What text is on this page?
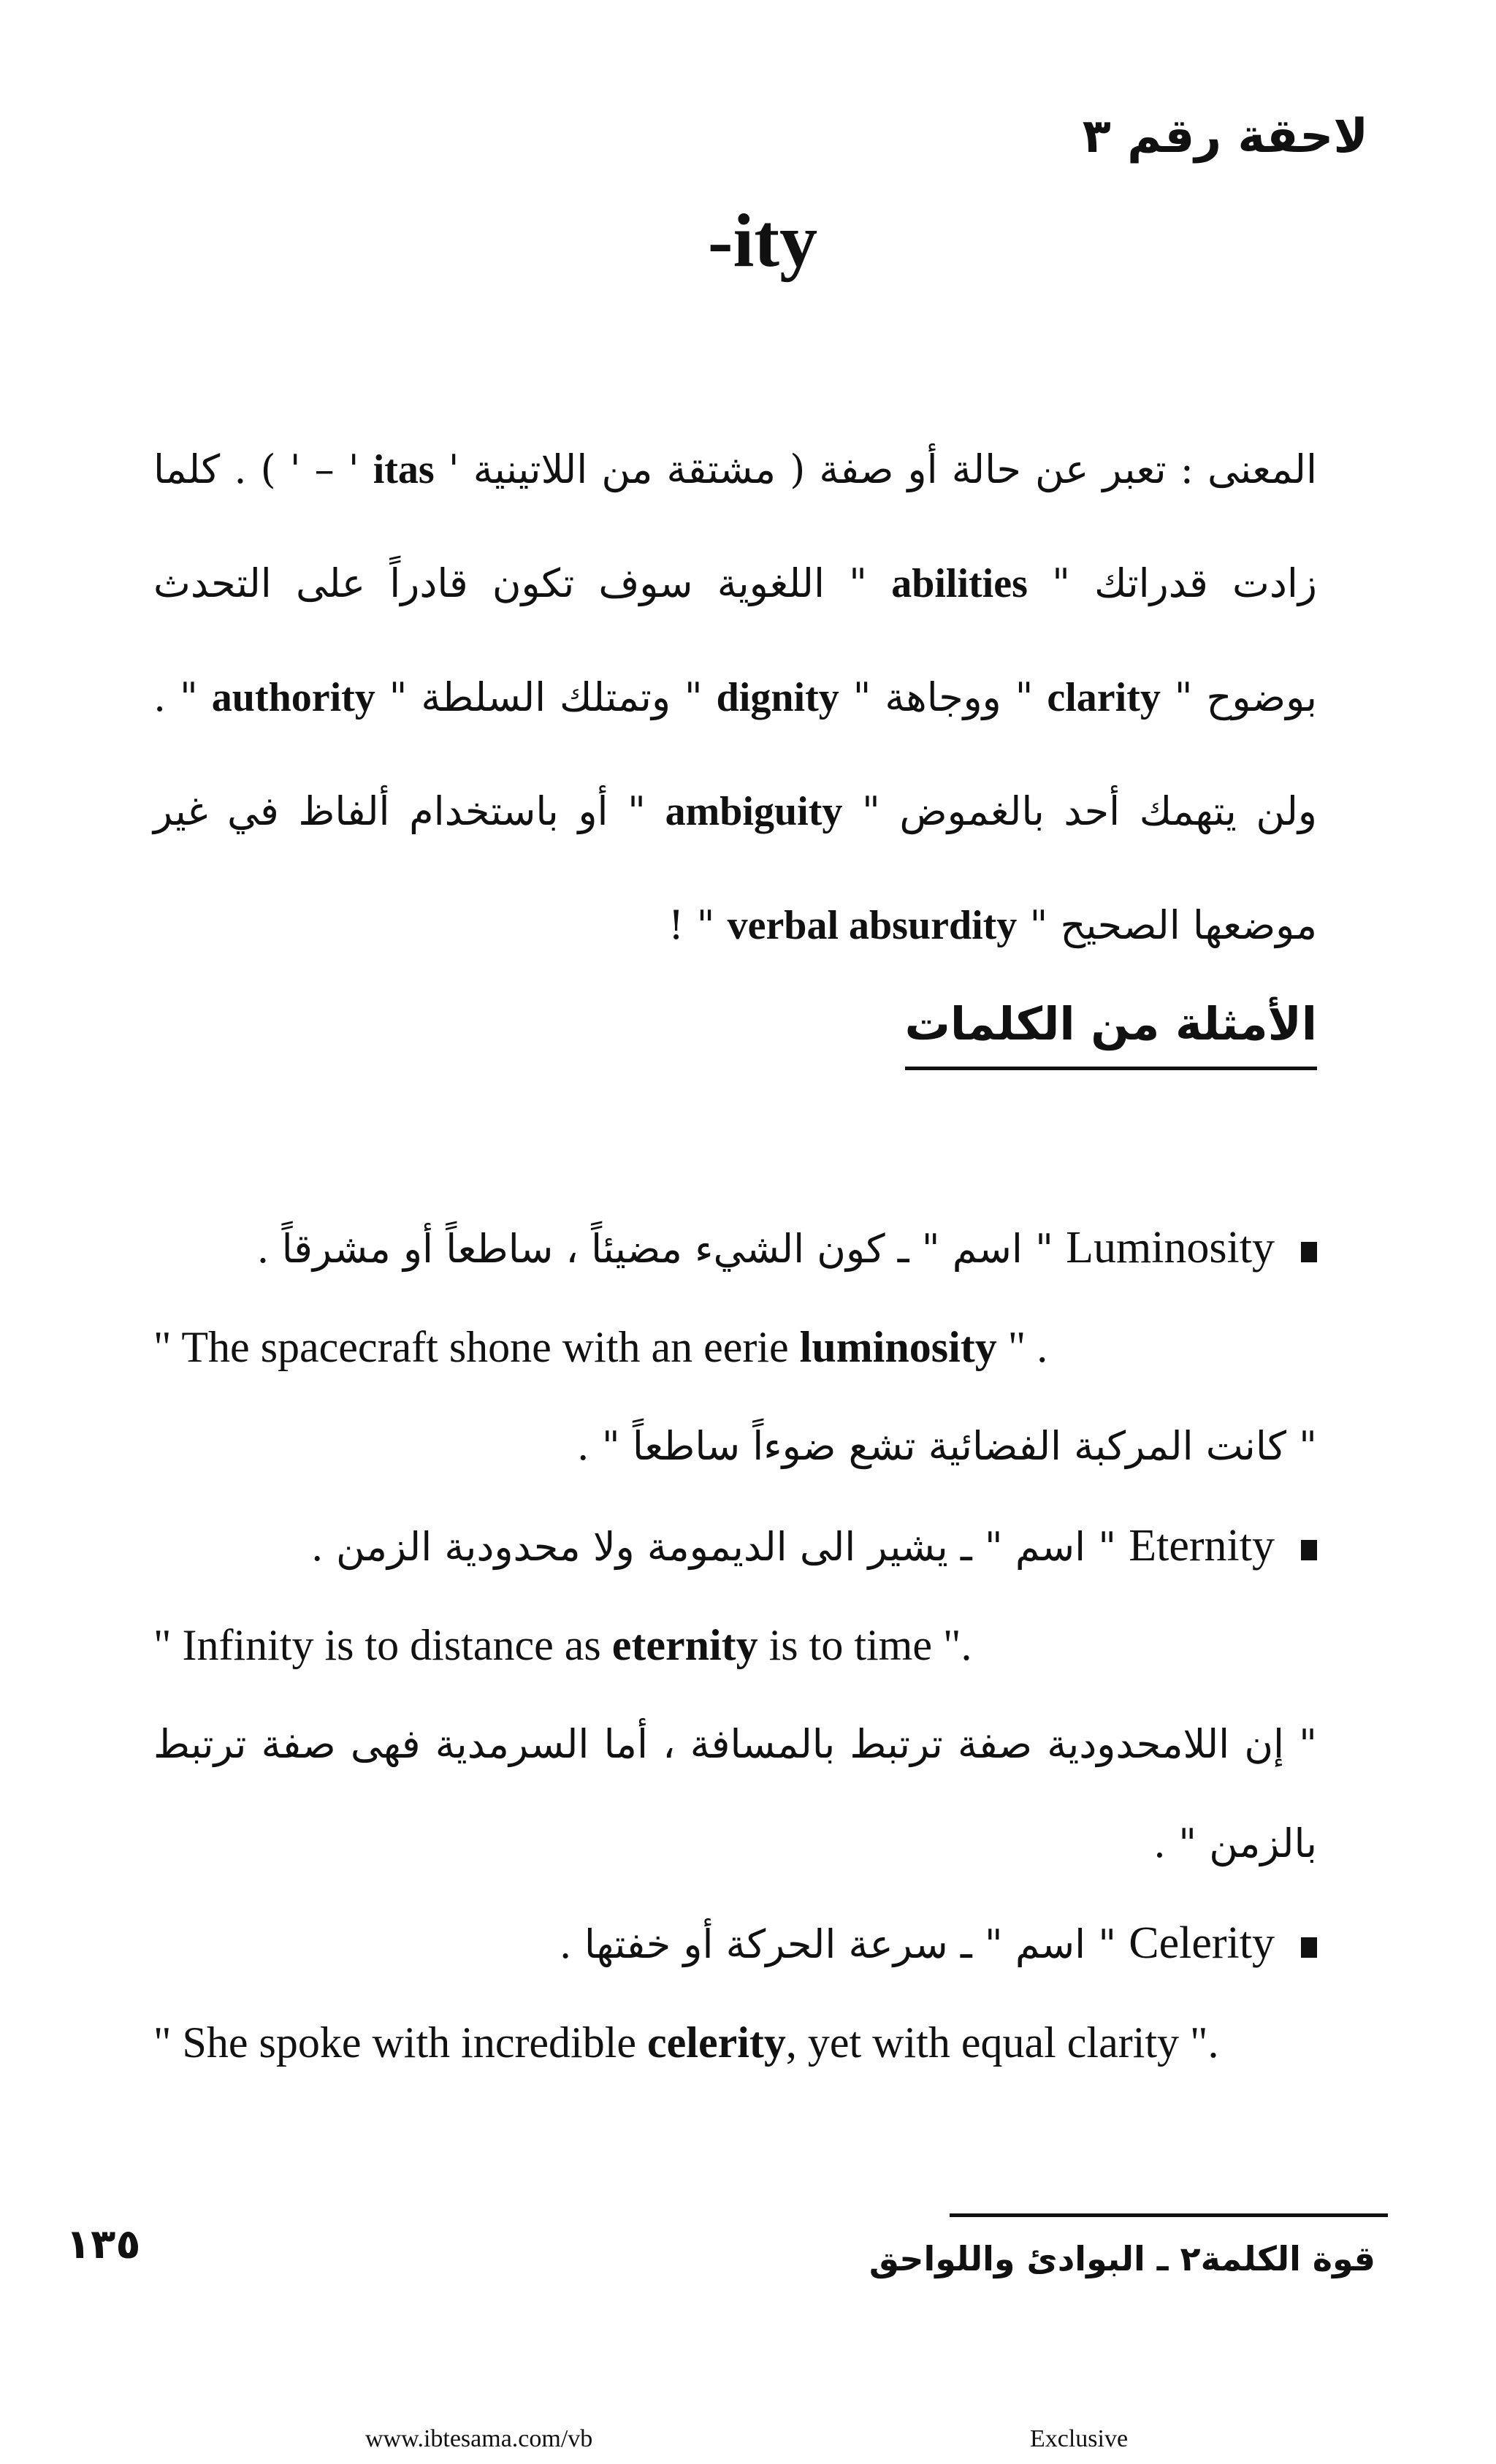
لاحقة رقم ٣
-ity

المعنى : تعبر عن حالة أو صفة ( مشتقة من اللاتينية ' itas ' – ' ) . كلما زادت قدراتك " abilities " اللغوية سوف تكون قادراً على التحدث بوضوح " clarity " ووجاهة " dignity " وتمتلك السلطة " authority " . ولن يتهمك أحد بالغموض " ambiguity " أو باستخدام ألفاظ في غير موضعها الصحيح " verbal absurdity " !

الأمثلة من الكلمات

Luminosity " اسم " ـ كون الشيء مضيئاً ، ساطعاً أو مشرقاً .

" The spacecraft shone with an eerie luminosity " .

" كانت المركبة الفضائية تشع ضوءاً ساطعاً " .

Eternity " اسم " ـ يشير الى الديمومة ولا محدودية الزمن .

" Infinity is to distance as eternity is to time ".

" إن اللامحدودية صفة ترتبط بالمسافة ، أما السرمدية فهى صفة ترتبط بالزمن " .

Celerity " اسم " ـ سرعة الحركة أو خفتها .

" She spoke with incredible celerity, yet with equal clarity ".

١٣٥	قوة الكلمة٢ ـ البوادئ واللواحق

www.ibtesama.com/vb	Exclusive
